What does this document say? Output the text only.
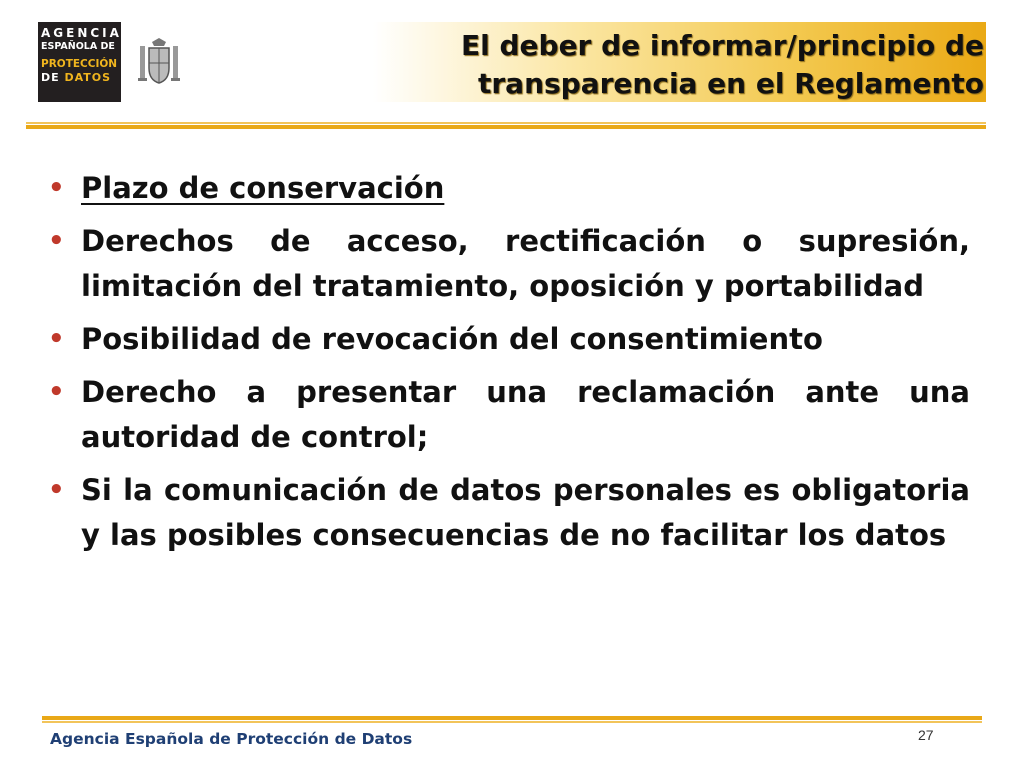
AGENCIA
ESPAÑOLA DE
PROTECCIÓN
DE DATOS
El deber de informar/principio de
transparencia en el Reglamento
• Plazo de conservación
• Derechos de acceso, rectificación o supresión, limitación del tratamiento, oposición y portabilidad
• Posibilidad de revocación del consentimiento
• Derecho a presentar una reclamación ante una autoridad de control;
• Si la comunicación de datos personales es obligatoria y las posibles consecuencias de no facilitar los datos
Agencia Española de Protección de Datos	27
